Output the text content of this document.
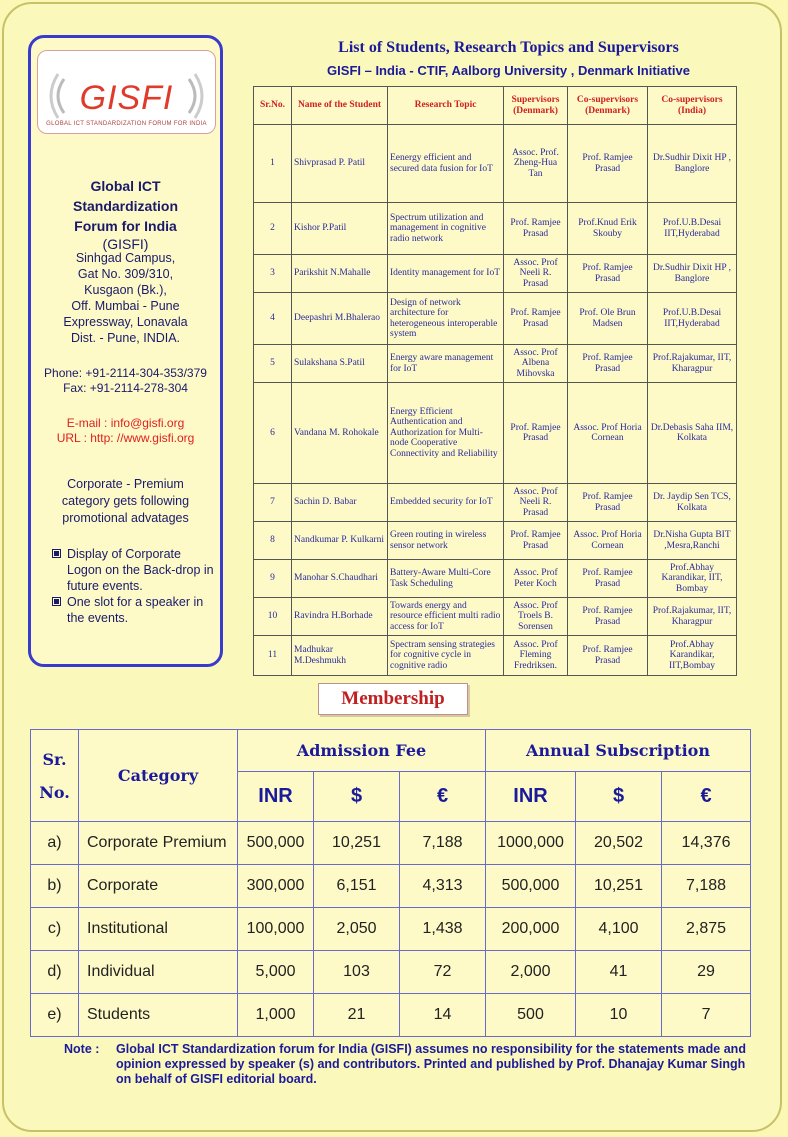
GISFI
GLOBAL ICT STANDARDIZATION FORUM FOR INDIA
Global ICT
Standardization
Forum for India
(GISFI)
Sinhgad Campus,
Gat No. 309/310,
Kusgaon (Bk.),
Off. Mumbai - Pune
Expressway, Lonavala
Dist. - Pune, INDIA.
Phone: +91-2114-304-353/379
Fax: +91-2114-278-304
E-mail : info@gisfi.org
URL : http: //www.gisfi.org
Corporate - Premium
category gets following
promotional advatages
Display of Corporate Logon on the Back-drop in future events.
One slot for a speaker in the events.
List of Students, Research Topics and Supervisors
GISFI – India - CTIF, Aalborg University , Denmark Initiative
Sr.No.	Name of the Student	Research Topic	Supervisors (Denmark)	Co-supervisors (Denmark)	Co-supervisors (India)
1	Shivprasad P. Patil	Eenergy efficient and secured data fusion for IoT	Assoc. Prof. Zheng-Hua Tan	Prof. Ramjee Prasad	Dr.Sudhir Dixit HP , Banglore
2	Kishor P.Patil	Spectrum utilization and management in cognitive radio network	Prof. Ramjee Prasad	Prof.Knud Erik Skouby	Prof.U.B.Desai IIT,Hyderabad
3	Parikshit N.Mahalle	Identity management for IoT	Assoc. Prof Neeli R. Prasad	Prof. Ramjee Prasad	Dr.Sudhir Dixit HP , Banglore
4	Deepashri M.Bhalerao	Design of network architecture for heterogeneous interoperable system	Prof. Ramjee Prasad	Prof. Ole Brun Madsen	Prof.U.B.Desai IIT,Hyderabad
5	Sulakshana S.Patil	Energy aware management for IoT	Assoc. Prof Albena Mihovska	Prof. Ramjee Prasad	Prof.Rajakumar, IIT, Kharagpur
6	Vandana M. Rohokale	Energy Efficient Authentication and Authorization for Multi-node Cooperative Connectivity and Reliability	Prof. Ramjee Prasad	Assoc. Prof Horia Cornean	Dr.Debasis Saha IIM, Kolkata
7	Sachin D. Babar	Embedded security for IoT	Assoc. Prof Neeli R. Prasad	Prof. Ramjee Prasad	Dr. Jaydip Sen TCS, Kolkata
8	Nandkumar P. Kulkarni	Green routing in wireless sensor network	Prof. Ramjee Prasad	Assoc. Prof Horia Cornean	Dr.Nisha Gupta BIT ,Mesra,Ranchi
9	Manohar S.Chaudhari	Battery-Aware Multi-Core Task Scheduling	Assoc. Prof Peter Koch	Prof. Ramjee Prasad	Prof.Abhay Karandikar, IIT, Bombay
10	Ravindra H.Borhade	Towards energy and resource efficient multi radio access for IoT	Assoc. Prof Troels B. Sorensen	Prof. Ramjee Prasad	Prof.Rajakumar, IIT, Kharagpur
11	Madhukar M.Deshmukh	Spectram sensing strategies for cognitive cycle in cognitive radio	Assoc. Prof Fleming Fredriksen.	Prof. Ramjee Prasad	Prof.Abhay Karandikar, IIT,Bombay
Membership
Sr.
No.	Category	Admission Fee			Annual Subscription		
		INR	$	€	INR	$	€
a)	Corporate Premium	500,000	10,251	7,188	1000,000	20,502	14,376
b)	Corporate	300,000	6,151	4,313	500,000	10,251	7,188
c)	Institutional	100,000	2,050	1,438	200,000	4,100	2,875
d)	Individual	5,000	103	72	2,000	41	29
e)	Students	1,000	21	14	500	10	7
Note :	Global ICT Standardization forum for India (GISFI) assumes no responsibility for the statements made and opinion expressed by speaker (s) and contributors. Printed and published by Prof. Dhanajay Kumar Singh on behalf of GISFI editorial board.
